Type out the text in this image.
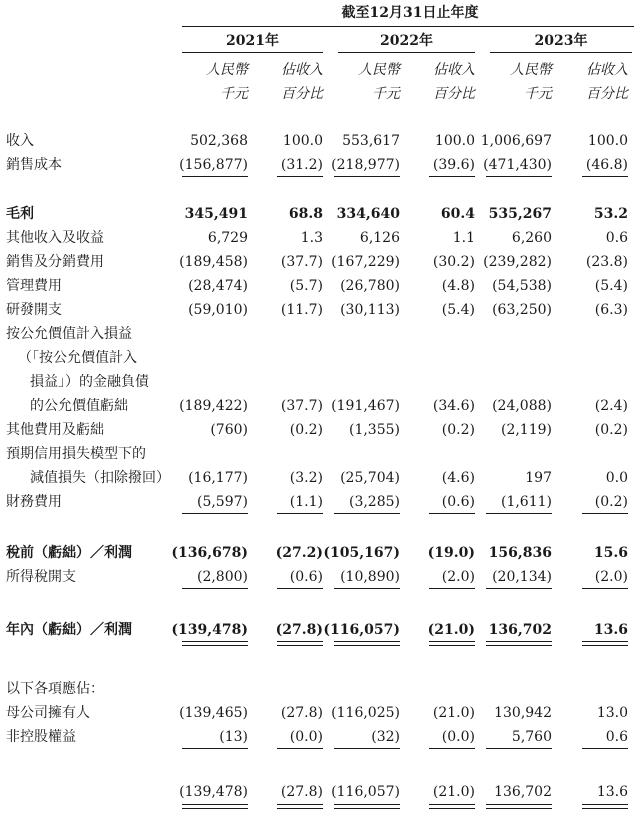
截至12月31日止年度
2021年	2022年	2023年
人民幣
千元
佔收入
百分比
人民幣
千元
佔收入
百分比
人民幣
千元
佔收入
百分比
收入	502,368	100.0	553,617	100.0 1,006,697	100.0
銷售成本	(156,877)	(31.2) (218,977)	(39.6) (471,430)	(46.8)
毛利	345,491	68.8 334,640	60.4 535,267	53.2
其他收入及收益	6,729	1.3	6,126	1.1	6,260	0.6
銷售及分銷費用	(189,458)	(37.7) (167,229)	(30.2) (239,282)	(23.8)
管理費用	(28,474)	(5.7)	(26,780)	(4.8)	(54,538)	(5.4)
研發開支	(59,010)	(11.7)	(30,113)	(5.4)	(63,250)	(6.3)
按公允價值計入損益
（「按公允價值計入
損益」）的金融負債
的公允價值虧絀	(189,422)	(37.7) (191,467)	(34.6)	(24,088)	(2.4)
其他費用及虧絀	(760)	(0.2)	(1,355)	(0.2)	(2,119)	(0.2)
預期信用損失模型下的
減值損失（扣除撥回）	(16,177)	(3.2)	(25,704)	(4.6)	197	0.0
財務費用	(5,597)	(1.1)	(3,285)	(0.6)	(1,611)	(0.2)
稅前（虧絀）／利潤	(136,678)	(27.2) (105,167)	(19.0) 156,836	15.6
所得稅開支	(2,800)	(0.6)	(10,890)	(2.0)	(20,134)	(2.0)
年內（虧絀）／利潤	(139,478)	(27.8) (116,057)	(21.0) 136,702	13.6
以下各項應佔：
母公司擁有人	(139,465)	(27.8) (116,025)	(21.0)	130,942	13.0
非控股權益	(13)	(0.0)	(32)	(0.0)	5,760	0.6
(139,478)	(27.8) (116,057)	(21.0)	136,702	13.6
